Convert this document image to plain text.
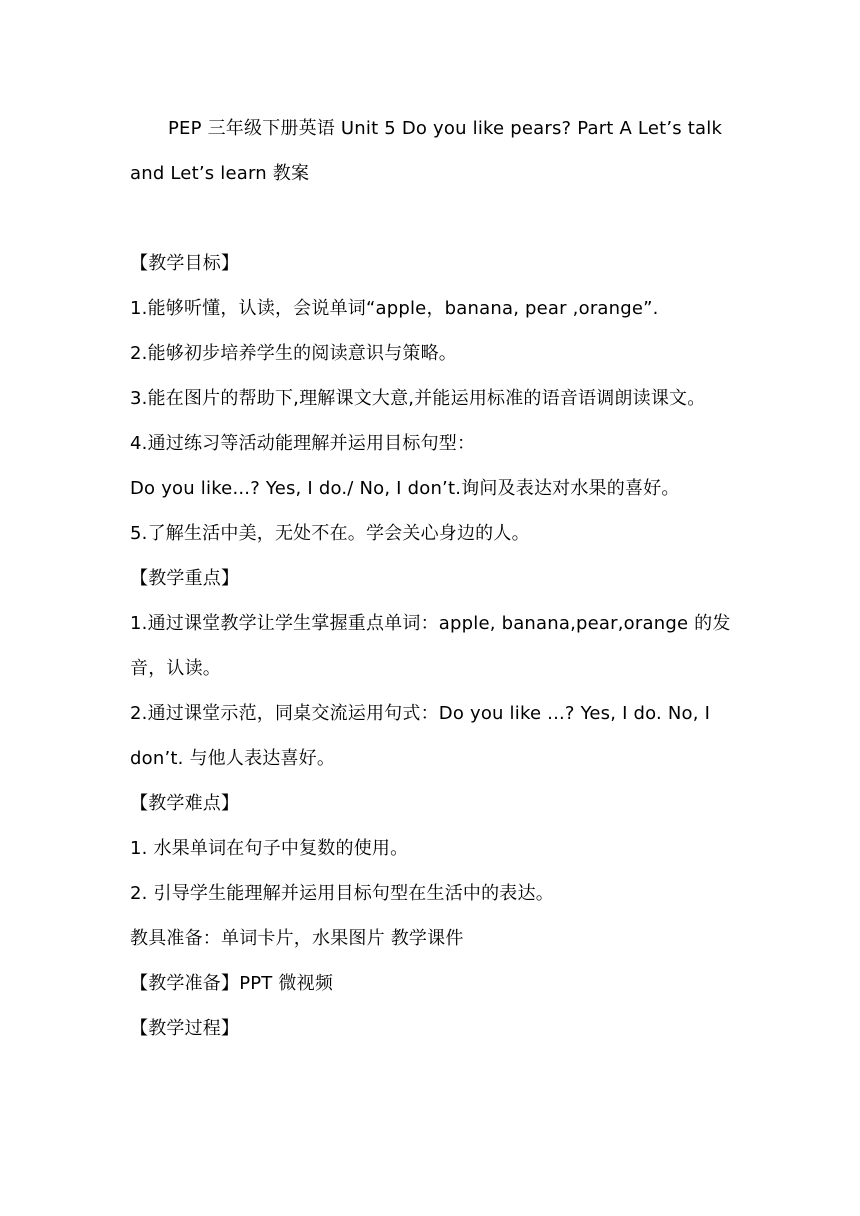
PEP 三年级下册英语 Unit 5 Do you like pears? Part A Let’s talk and Let’s learn 教案

【教学目标】

1.能够听懂，认读，会说单词“apple，banana, pear ,orange”.

2.能够初步培养学生的阅读意识与策略。

3.能在图片的帮助下,理解课文大意,并能运用标准的语音语调朗读课文。

4.通过练习等活动能理解并运用目标句型：

Do you like...? Yes, I do./ No, I don’t.询问及表达对水果的喜好。

5.了解生活中美，无处不在。学会关心身边的人。

【教学重点】

1.通过课堂教学让学生掌握重点单词：apple, banana,pear,orange 的发音，认读。

2.通过课堂示范，同桌交流运用句式：Do you like ...? Yes, I do. No, I don’t. 与他人表达喜好。

【教学难点】

1. 水果单词在句子中复数的使用。

2. 引导学生能理解并运用目标句型在生活中的表达。

教具准备：单词卡片，水果图片 教学课件

【教学准备】PPT 微视频

【教学过程】
